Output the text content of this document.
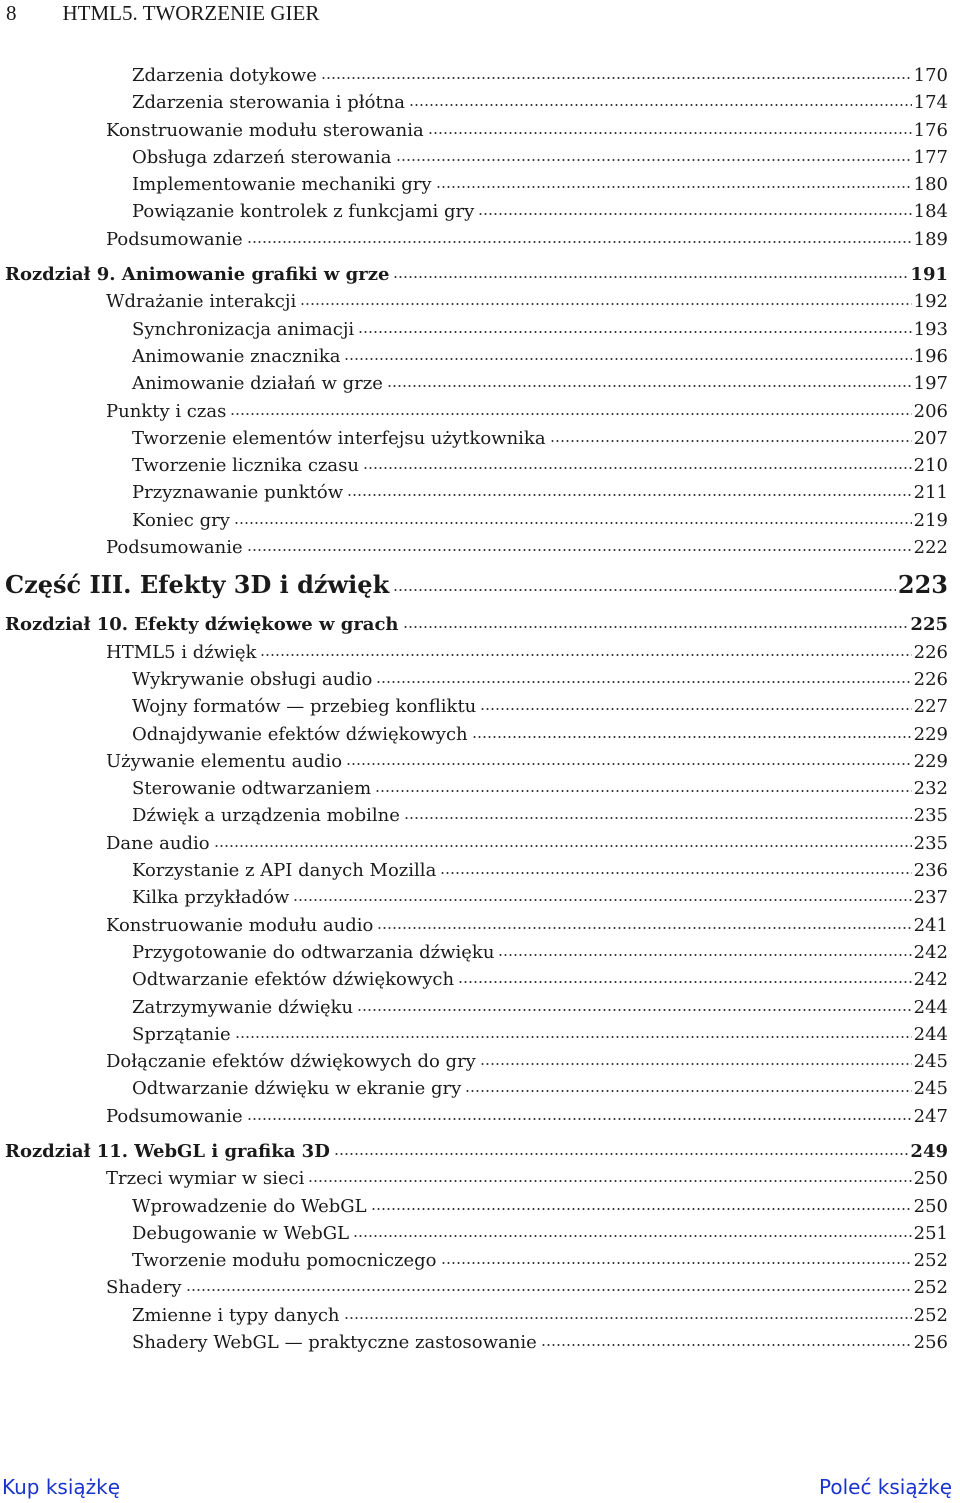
8 HTML5. TWORZENIE GIER
Zdarzenia dotykowe	170
Zdarzenia sterowania i płótna	174
Konstruowanie modułu sterowania	176
Obsługa zdarzeń sterowania	177
Implementowanie mechaniki gry	180
Powiązanie kontrolek z funkcjami gry	184
Podsumowanie	189
Rozdział 9. Animowanie grafiki w grze	191
Wdrażanie interakcji	192
Synchronizacja animacji	193
Animowanie znacznika	196
Animowanie działań w grze	197
Punkty i czas	206
Tworzenie elementów interfejsu użytkownika	207
Tworzenie licznika czasu	210
Przyznawanie punktów	211
Koniec gry	219
Podsumowanie	222
Część III. Efekty 3D i dźwięk	223
Rozdział 10. Efekty dźwiękowe w grach	225
HTML5 i dźwięk	226
Wykrywanie obsługi audio	226
Wojny formatów — przebieg konfliktu	227
Odnajdywanie efektów dźwiękowych	229
Używanie elementu audio	229
Sterowanie odtwarzaniem	232
Dźwięk a urządzenia mobilne	235
Dane audio	235
Korzystanie z API danych Mozilla	236
Kilka przykładów	237
Konstruowanie modułu audio	241
Przygotowanie do odtwarzania dźwięku	242
Odtwarzanie efektów dźwiękowych	242
Zatrzymywanie dźwięku	244
Sprzątanie	244
Dołączanie efektów dźwiękowych do gry	245
Odtwarzanie dźwięku w ekranie gry	245
Podsumowanie	247
Rozdział 11. WebGL i grafika 3D	249
Trzeci wymiar w sieci	250
Wprowadzenie do WebGL	250
Debugowanie w WebGL	251
Tworzenie modułu pomocniczego	252
Shadery	252
Zmienne i typy danych	252
Shadery WebGL — praktyczne zastosowanie	256
Kup książkę	Poleć książkę
